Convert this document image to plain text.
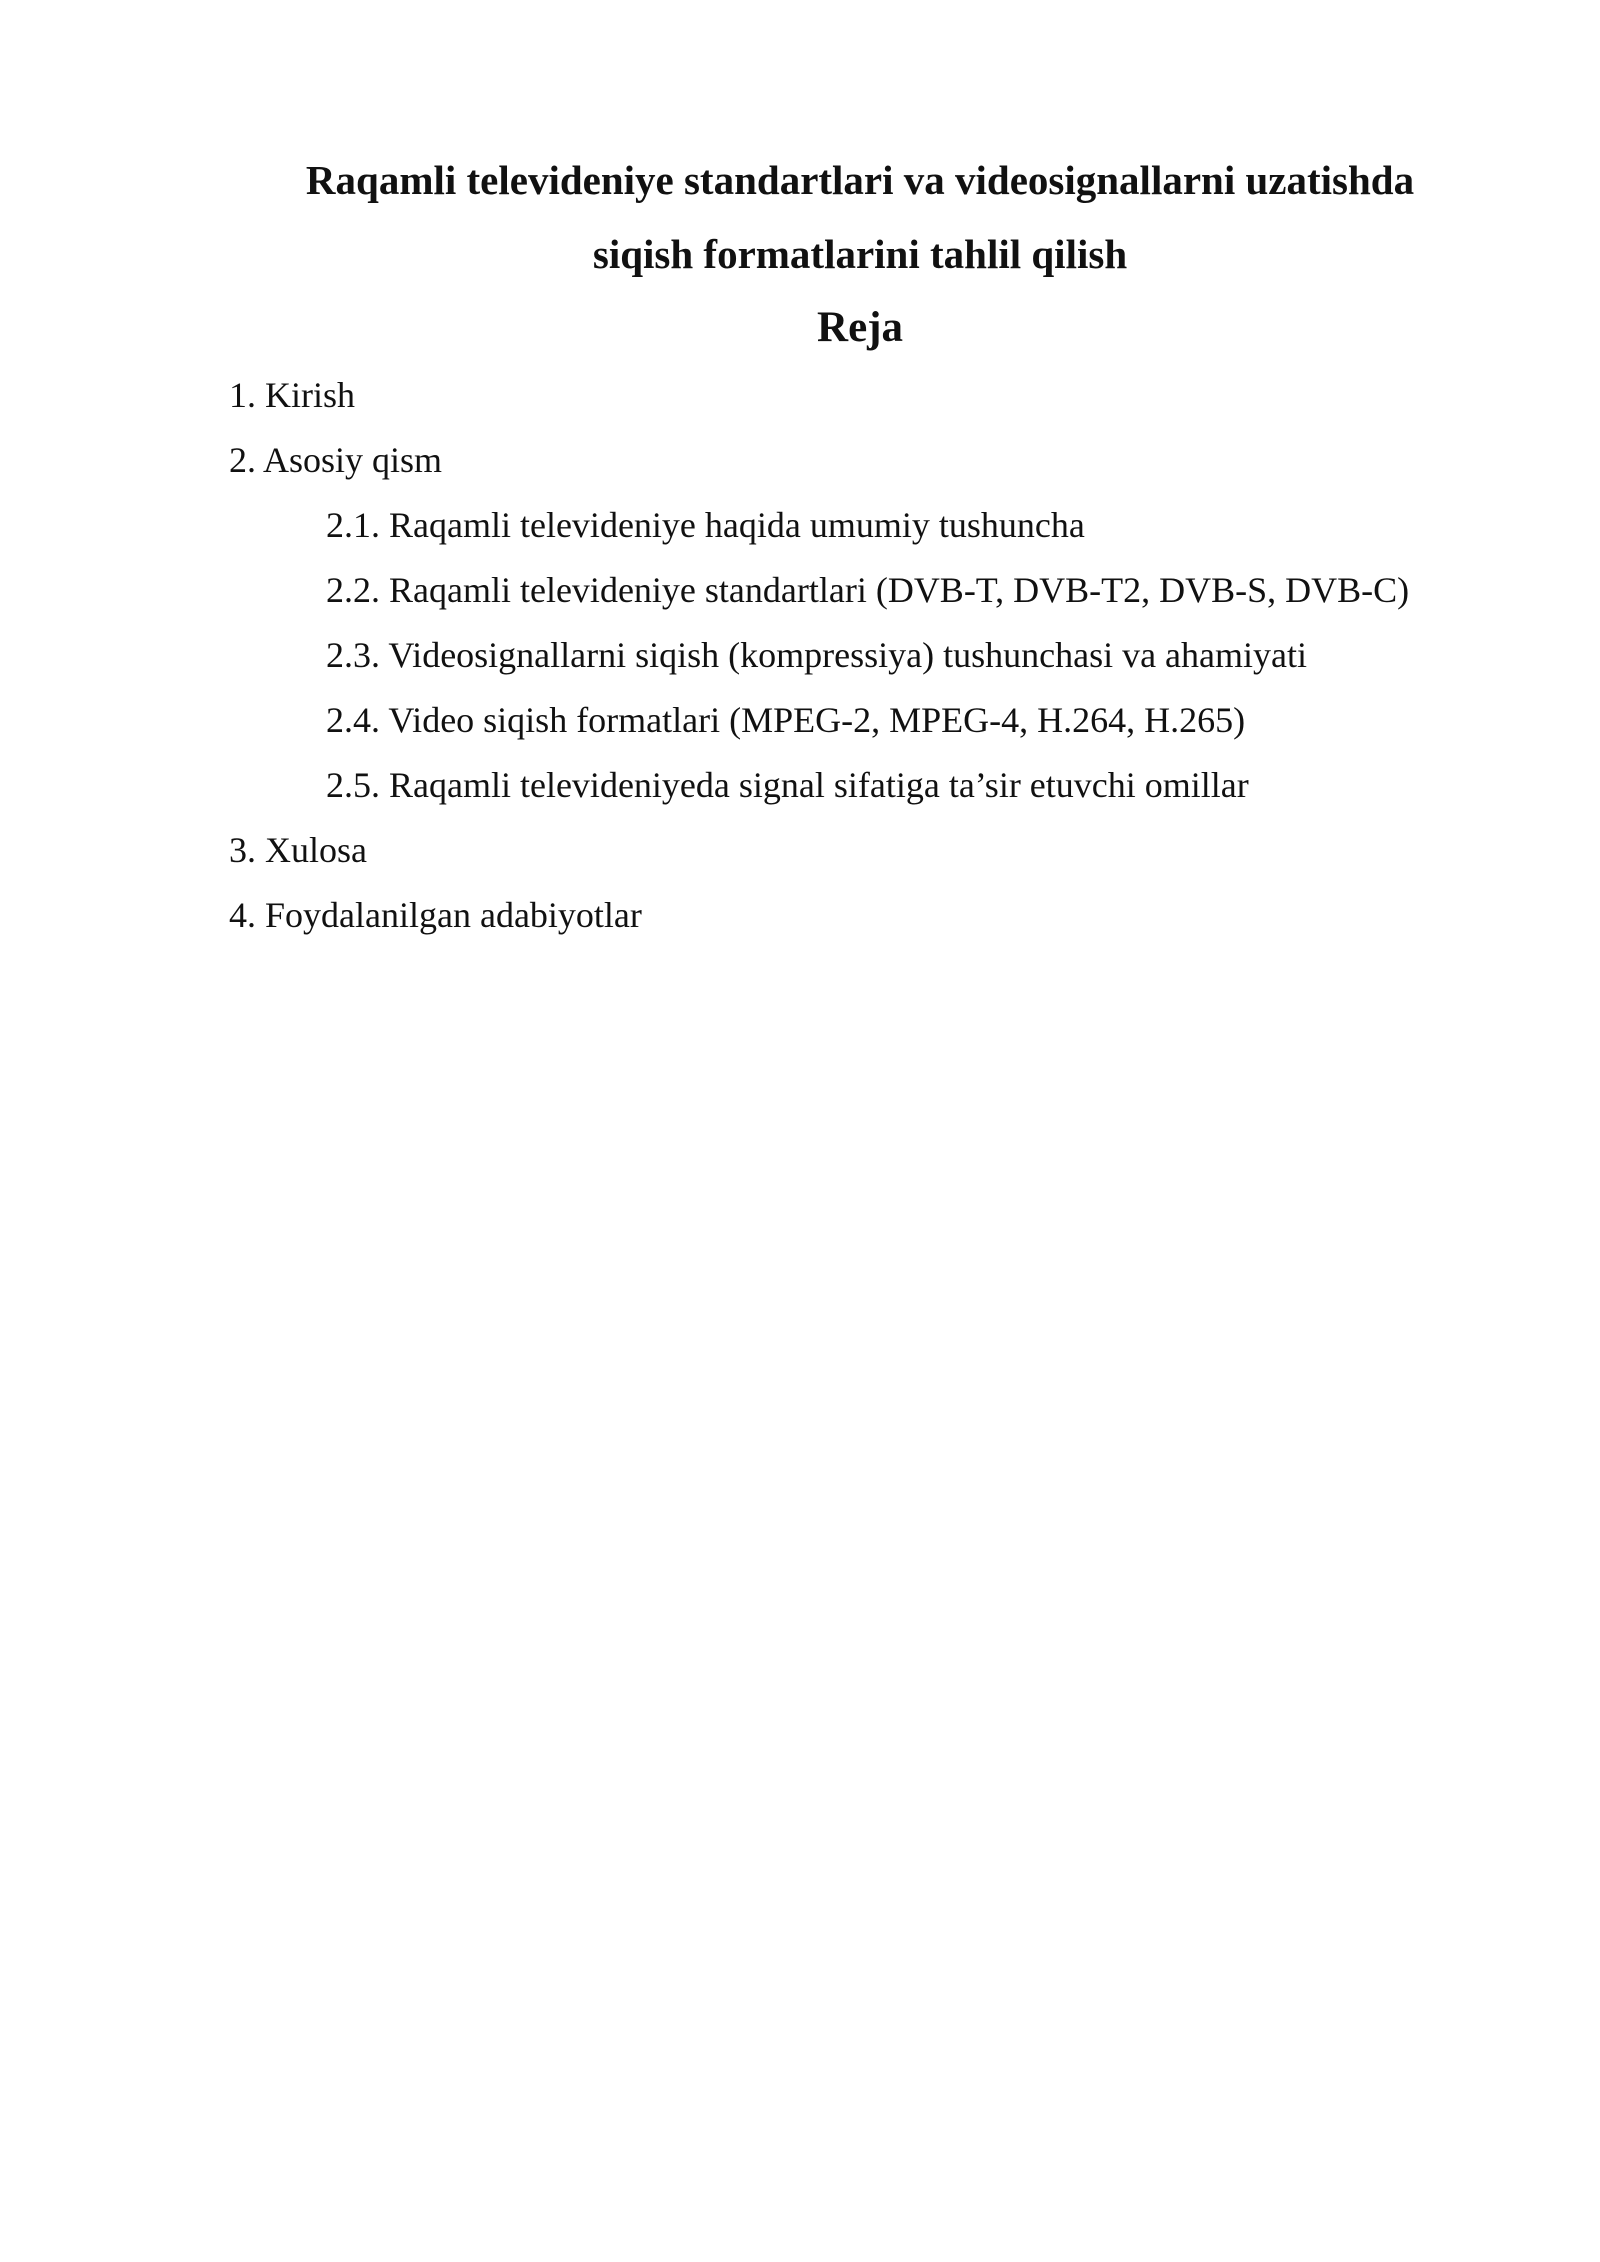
Raqamli televideniye standartlari va videosignallarni uzatishda
siqish formatlarini tahlil qilish
Reja
1. Kirish
2. Asosiy qism
2.1. Raqamli televideniye haqida umumiy tushuncha
2.2. Raqamli televideniye standartlari (DVB-T, DVB-T2, DVB-S, DVB-C)
2.3. Videosignallarni siqish (kompressiya) tushunchasi va ahamiyati
2.4. Video siqish formatlari (MPEG-2, MPEG-4, H.264, H.265)
2.5. Raqamli televideniyeda signal sifatiga ta’sir etuvchi omillar
3. Xulosa
4. Foydalanilgan adabiyotlar
